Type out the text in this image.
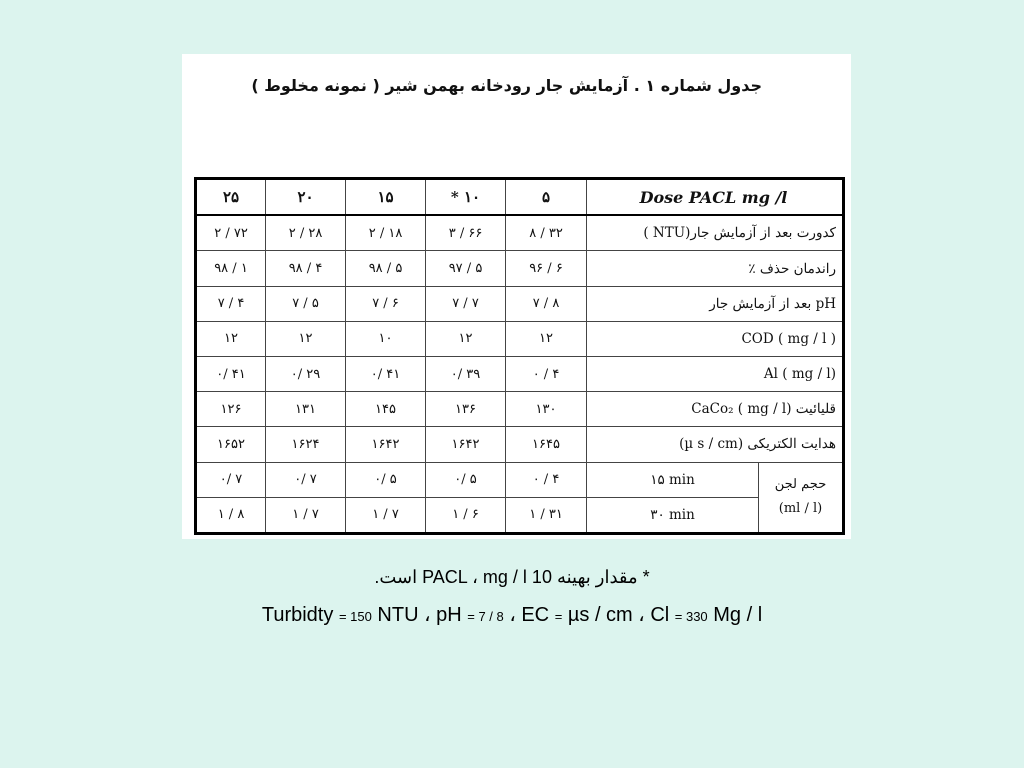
جدول شماره ۱ . آزمایش جار رودخانه بهمن شیر ( نمونه مخلوط )
۲۵	۲۰	۱۵	* ۱۰	۵	Dose PACL mg /l	
۲ / ۷۲	۲ / ۲۸	۲ / ۱۸	۳ / ۶۶	۸ / ۳۲	کدورت بعد از آزمایش جار(NTU )	
۹۸ / ۱	۹۸ / ۴	۹۸ / ۵	۹۷ / ۵	۹۶ / ۶	راندمان حذف ٪	
۷ / ۴	۷ / ۵	۷ / ۶	۷ / ۷	۷ / ۸	pH بعد از آزمایش جار	
۱۲	۱۲	۱۰	۱۲	۱۲	COD ( mg / l )	
۰/ ۴۱	۰/ ۲۹	۰/ ۴۱	۰/ ۳۹	۰ / ۴	Al ( mg / l)	
۱۲۶	۱۳۱	۱۴۵	۱۳۶	۱۳۰	قلیائیت (CaCo₂ ( mg / l	
۱۶۵۲	۱۶۲۴	۱۶۴۲	۱۶۴۲	۱۶۴۵	هدایت الکتریکی (µ s / cm)	
۰/ ۷	۰/ ۷	۰/ ۵	۰/ ۵	۰ / ۴	۱۵ min	حجم لجن
(ml / l)

۱ / ۸	۱ / ۷	۱ / ۷	۱ / ۶	۱ / ۳۱	۳۰ min	
* مقدار بهینه PACL ، mg / l 10 است.
Turbidty = 150 NTU ، pH = 7 / 8 ، EC = µs / cm ، Cl = 330 Mg / l
